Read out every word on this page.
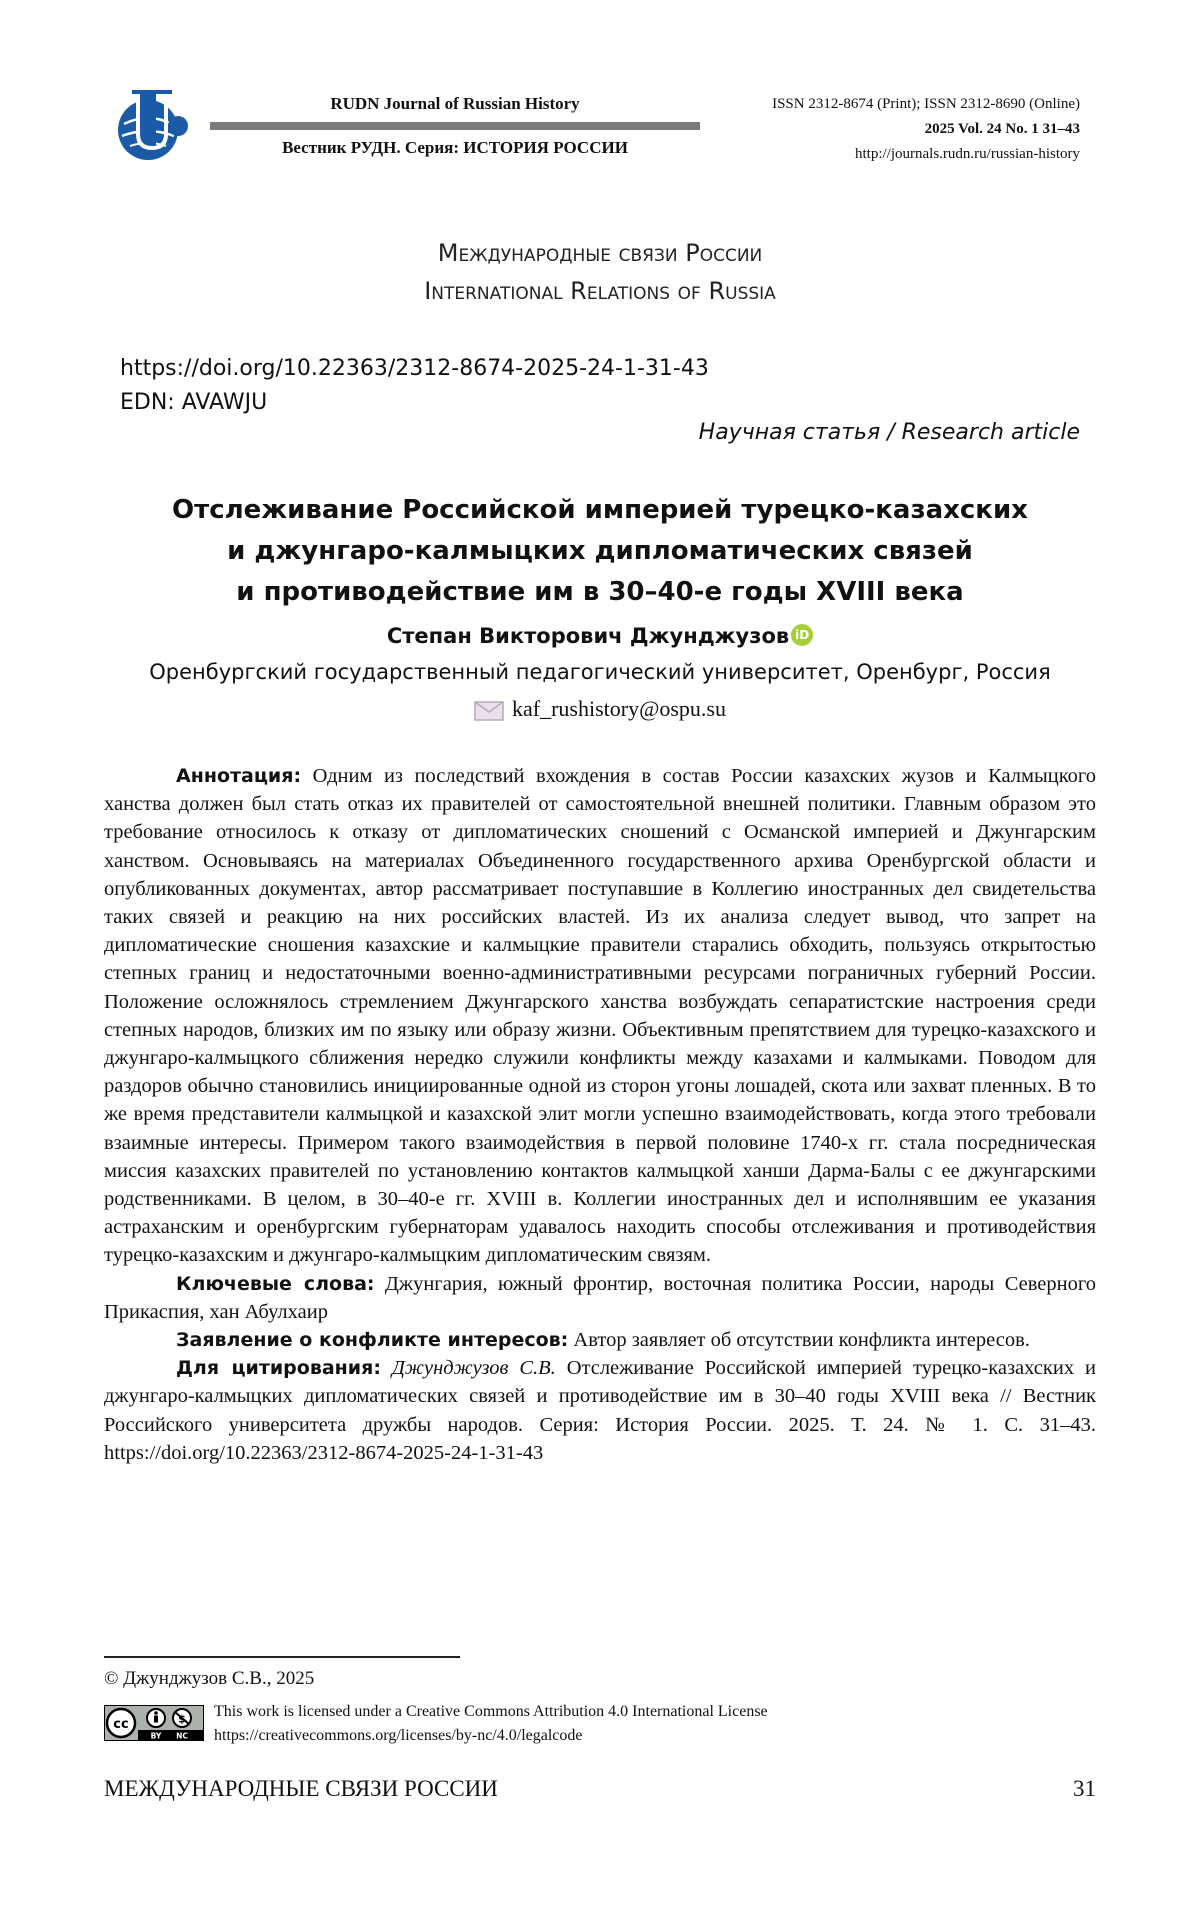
RUDN Journal of Russian History
Вестник РУДН. Серия: ИСТОРИЯ РОССИИ
ISSN 2312-8674 (Print); ISSN 2312-8690 (Online)
2025 Vol. 24 No. 1 31–43
http://journals.rudn.ru/russian-history
Международные связи России
International Relations of Russia
https://doi.org/10.22363/2312-8674-2025-24-1-31-43
EDN: AVAWJU
Научная статья / Research article
Отслеживание Российской империей турецко-казахских
и джунгаро-калмыцких дипломатических связей
и противодействие им в 30–40-е годы XVIII века
Степан Викторович Джунджузов iD
Оренбургский государственный педагогический университет, Оренбург, Россия
kaf_rushistory@ospu.su

Аннотация: Одним из последствий вхождения в состав России казахских жузов и Калмыцкого ханства должен был стать отказ их правителей от самостоятельной внешней политики. Главным образом это требование относилось к отказу от дипломатических сношений с Османской империей и Джунгарским ханством. Основываясь на материалах Объединенного государственного архива Оренбургской области и опубликованных документах, автор рассматривает поступавшие в Коллегию иностранных дел свидетельства таких связей и реакцию на них российских властей. Из их анализа следует вывод, что запрет на дипломатические сношения казахские и калмыцкие правители старались обходить, пользуясь открытостью степных границ и недостаточными военно-административными ресурсами пограничных губерний России. Положение осложнялось стремлением Джунгарского ханства возбуждать сепаратистские настроения среди степных народов, близких им по языку или образу жизни. Объективным препятствием для турецко-казахского и джунгаро-калмыцкого сближения нередко служили конфликты между казахами и калмыками. Поводом для раздоров обычно становились инициированные одной из сторон угоны лошадей, скота или захват пленных. В то же время представители калмыцкой и казахской элит могли успешно взаимодействовать, когда этого требовали взаимные интересы. Примером такого взаимодействия в первой половине 1740-х гг. стала посредническая миссия казахских правителей по установлению контактов калмыцкой ханши Дарма-Балы с ее джунгарскими родственниками. В целом, в 30–40-е гг. XVIII в. Коллегии иностранных дел и исполнявшим ее указания астраханским и оренбургским губернаторам удавалось находить способы отслеживания и противодействия турецко-казахским и джунгаро-калмыцким дипломатическим связям.

Ключевые слова: Джунгария, южный фронтир, восточная политика России, народы Северного Прикаспия, хан Абулхаир

Заявление о конфликте интересов: Автор заявляет об отсутствии конфликта интересов.

Для цитирования: Джунджузов С.В. Отслеживание Российской империей турецко-казахских и джунгаро-калмыцких дипломатических связей и противодействие им в 30–40 годы XVIII века // Вестник Российского университета дружбы народов. Серия: История России. 2025. Т. 24. № 1. С. 31–43. https://doi.org/10.22363/2312-8674-2025-24-1-31-43

© Джунджузов С.В., 2025
cc
BY NC
This work is licensed under a Creative Commons Attribution 4.0 International License
https://creativecommons.org/licenses/by-nc/4.0/legalcode
МЕЖДУНАРОДНЫЕ СВЯЗИ РОССИИ	31
